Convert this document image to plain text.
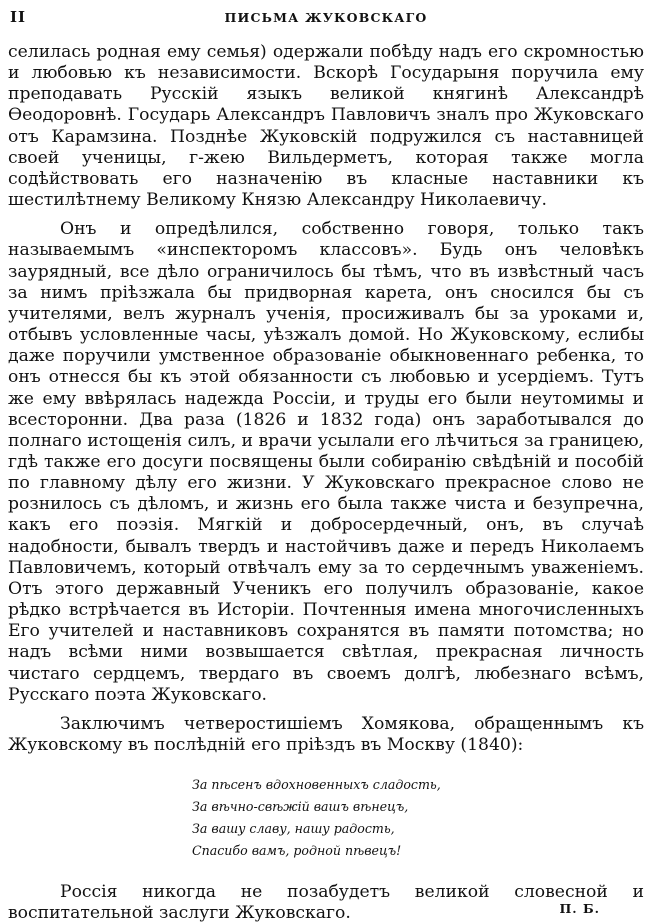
II	ПИСЬМА ЖУКОВСКАГО

селилась родная ему семья) одержали побѣду надъ его скромностью и любовью къ независимости. Вскорѣ Государыня поручила ему преподавать Русскій языкъ великой княгинѣ Александрѣ Ѳеодоровнѣ. Государь Александръ Павловичъ зналъ про Жуковскаго отъ Карамзина. Позднѣе Жуковскій подружился съ наставницей своей ученицы, г-жею Вильдерметъ, которая также могла содѣйствовать его назначенію въ класные наставники къ шестилѣтнему Великому Князю Александру Николаевичу.

Онъ и опредѣлился, собственно говоря, только такъ называемымъ «инспекторомъ классовъ». Будь онъ человѣкъ заурядный, все дѣло ограничилось бы тѣмъ, что въ извѣстный часъ за нимъ пріѣзжала бы придворная карета, онъ сносился бы съ учителями, велъ журналъ ученія, просиживалъ бы за уроками и, отбывъ условленные часы, уѣзжалъ домой. Но Жуковскому, еслибы даже поручили умственное образованіе обыкновеннаго ребенка, то онъ отнесся бы къ этой обязанности съ любовью и усердіемъ. Тутъ же ему ввѣрялась надежда Россіи, и труды его были неутомимы и всесторонни. Два раза (1826 и 1832 года) онъ заработывался до полнаго истощенія силъ, и врачи усылали его лѣчиться за границею, гдѣ также его досуги посвящены были собиранію свѣдѣній и пособій по главному дѣлу его жизни. У Жуковскаго прекрасное слово не рознилось съ дѣломъ, и жизнь его была также чиста и безупречна, какъ его поэзія. Мягкій и добросердечный, онъ, въ случаѣ надобности, бывалъ твердъ и настойчивъ даже и передъ Николаемъ Павловичемъ, который отвѣчалъ ему за то сердечнымъ уваженіемъ. Отъ этого державный Ученикъ его получилъ образованіе, какое рѣдко встрѣчается въ Исторіи. Почтенныя имена многочисленныхъ Его учителей и наставниковъ сохранятся въ памяти потомства; но надъ всѣми ними возвышается свѣтлая, прекрасная личность чистаго сердцемъ, твердаго въ своемъ долгѣ, любезнаго всѣмъ, Русскаго поэта Жуковскаго.

Заключимъ четверостишіемъ Хомякова, обращеннымъ къ Жуковскому въ послѣдній его пріѣздъ въ Москву (1840):

За пѣсенъ вдохновенныхъ сладость,
За вѣчно-свѣжій вашъ вѣнецъ,
За вашу славу, нашу радость,
Спасибо вамъ, родной пѣвецъ!

Россія никогда не позабудетъ великой словесной и воспитательной заслуги Жуковскаго.	П. Б.
